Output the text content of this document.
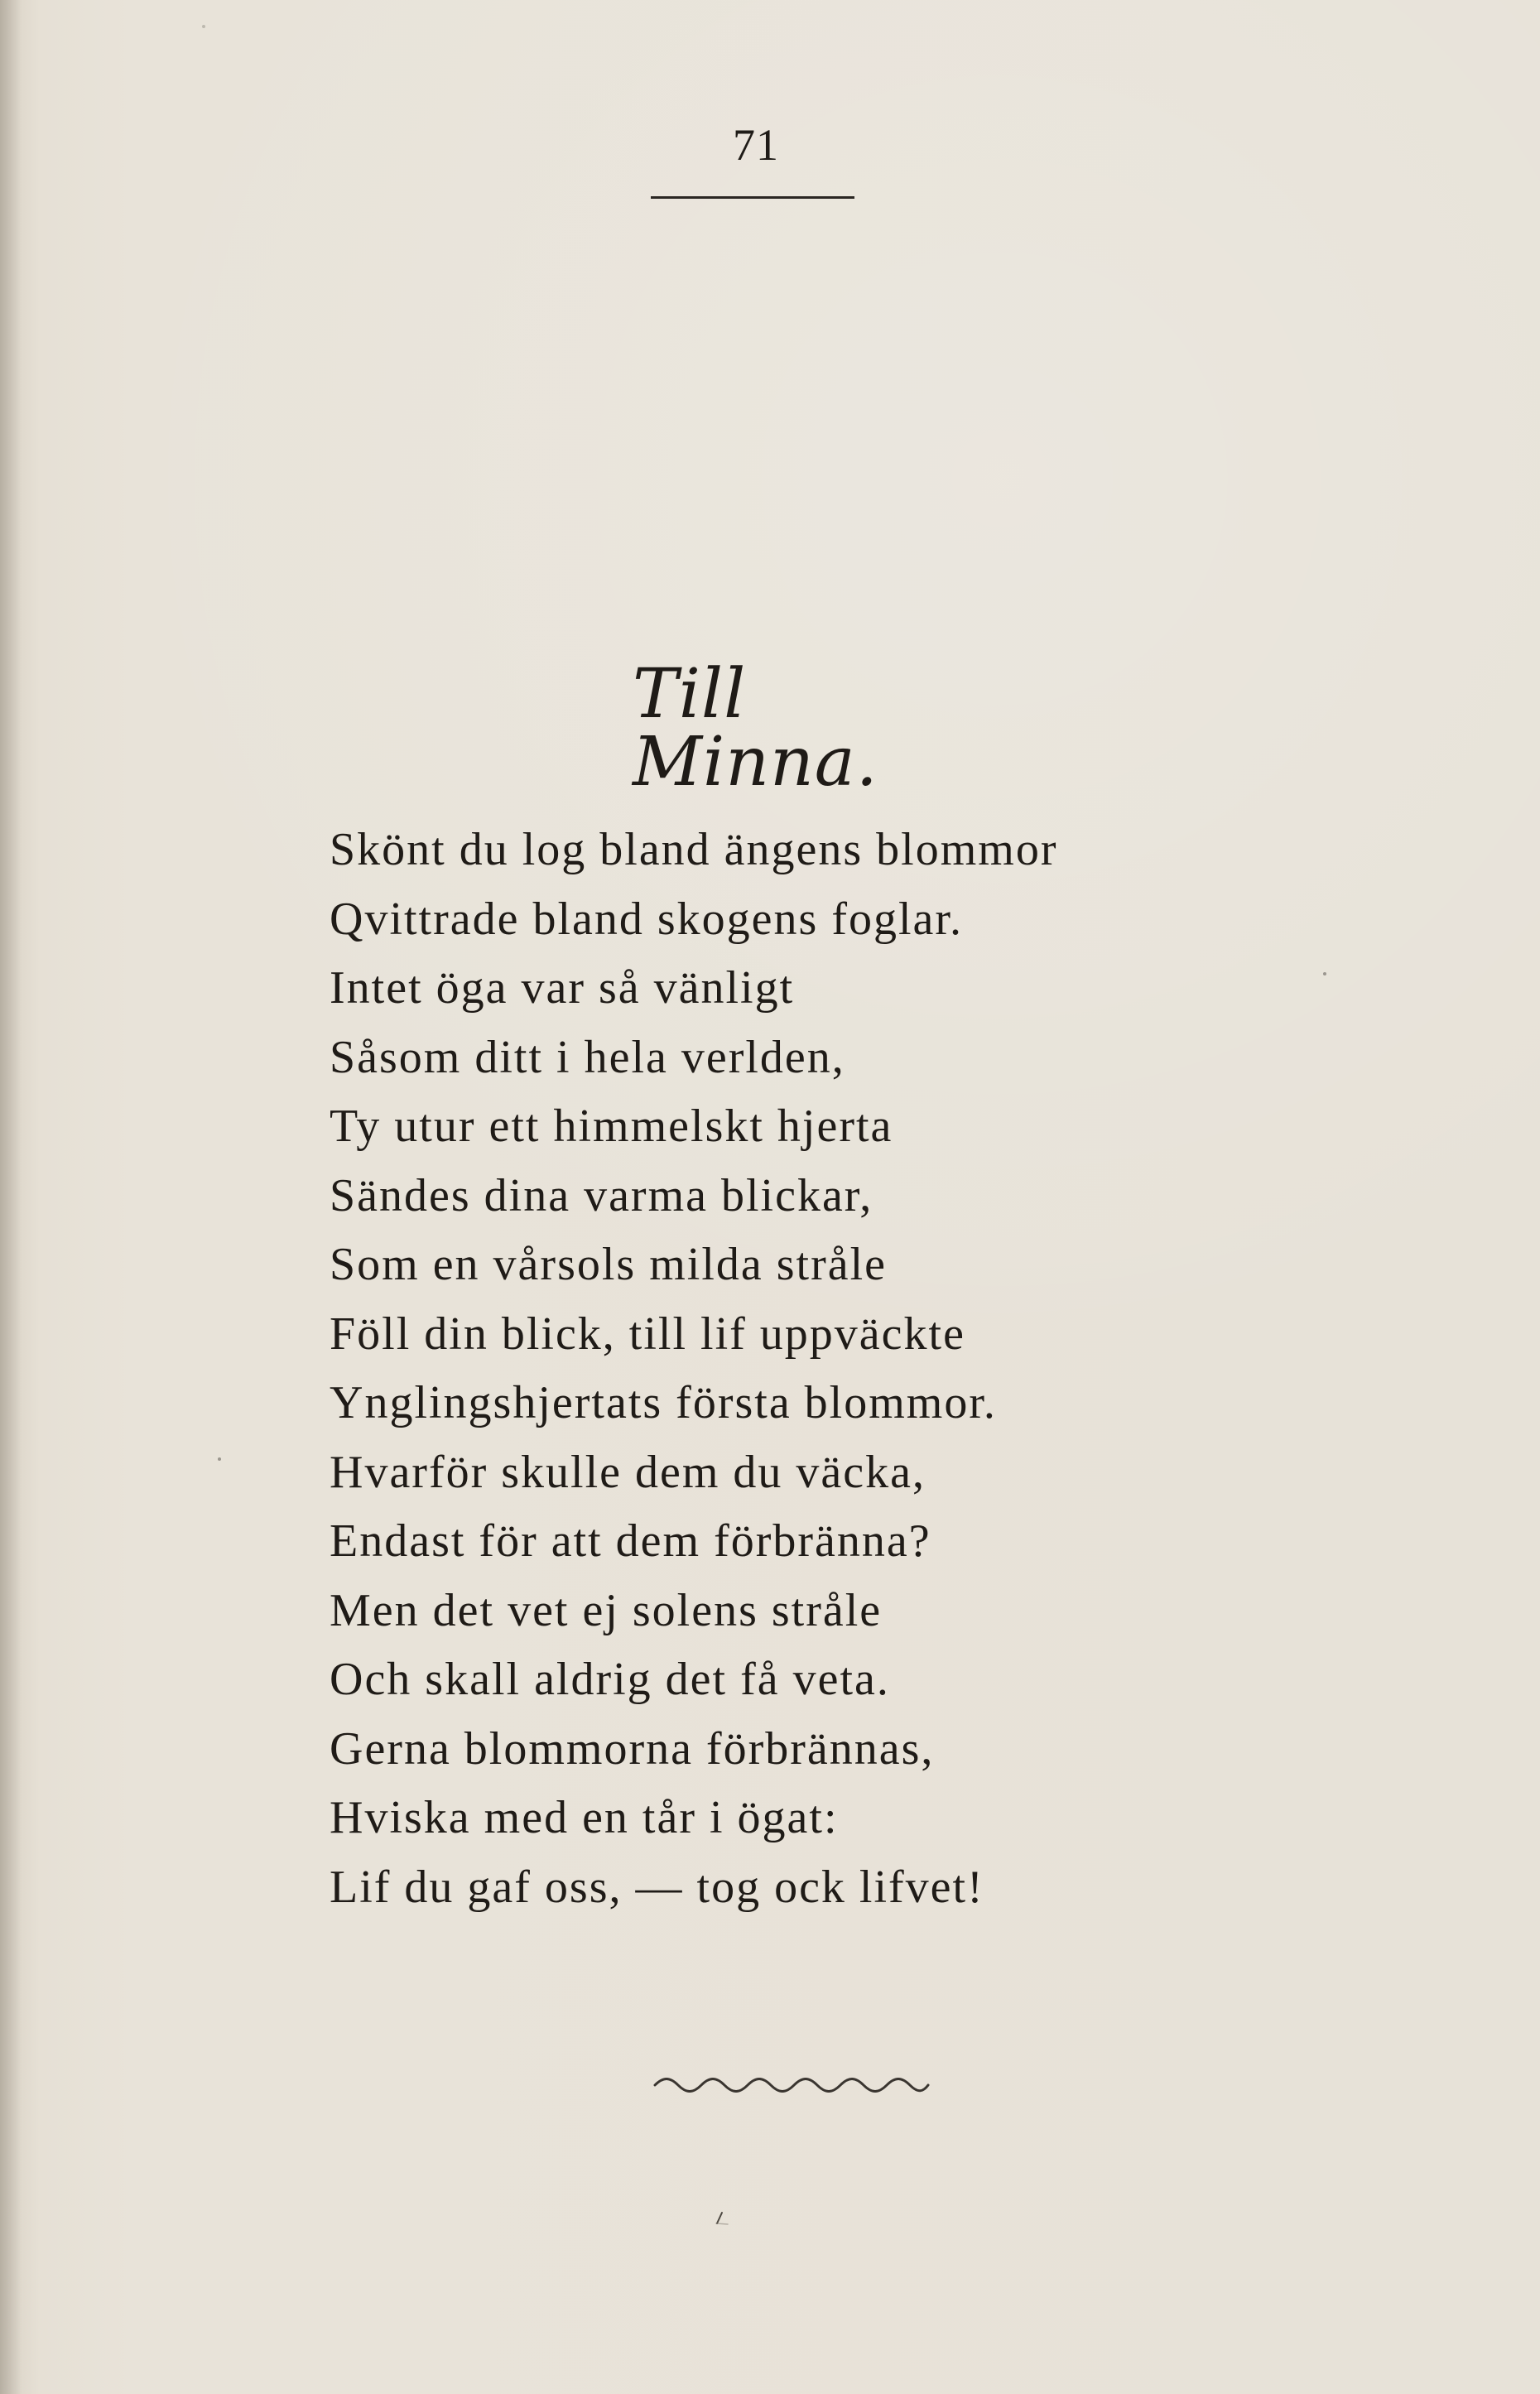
71
Till Minna.
Skönt du log bland ängens blommor
Qvittrade bland skogens foglar.
Intet öga var så vänligt
Såsom ditt i hela verlden,
Ty utur ett himmelskt hjerta
Sändes dina varma blickar,
Som en vårsols milda stråle
Föll din blick, till lif uppväckte
Ynglingshjertats första blommor.
Hvarför skulle dem du väcka,
Endast för att dem förbränna?
Men det vet ej solens stråle
Och skall aldrig det få veta.
Gerna blommorna förbrännas,
Hviska med en tår i ögat:
Lif du gaf oss, — tog ock lifvet!
